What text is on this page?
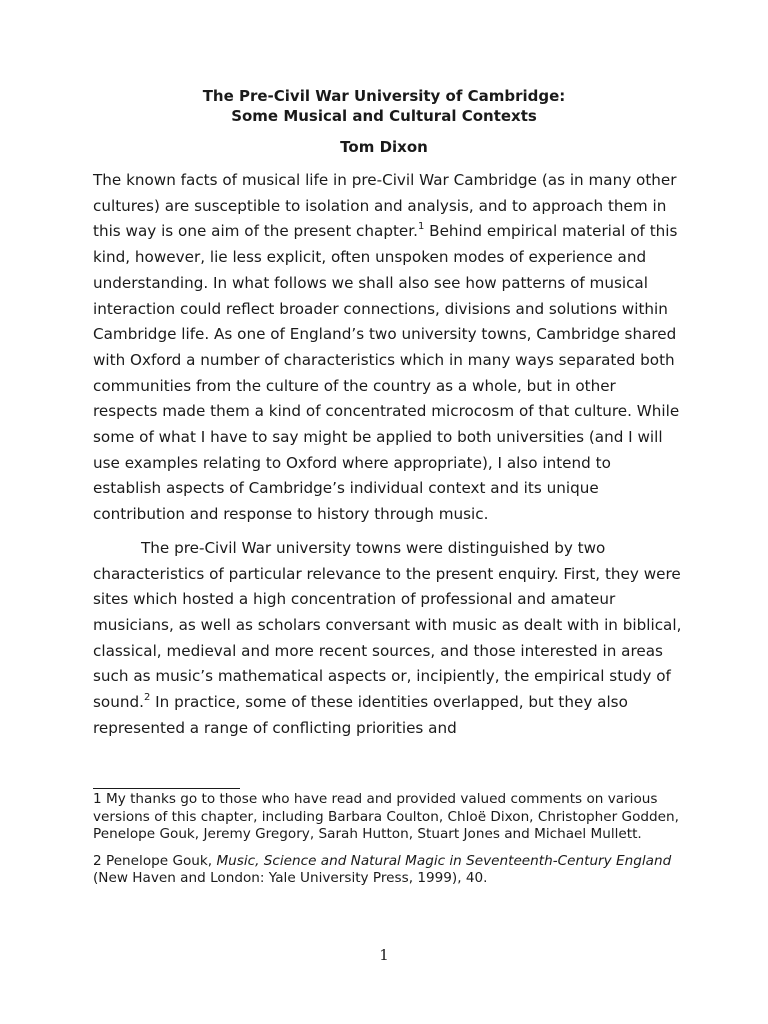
The Pre-Civil War University of Cambridge:
Some Musical and Cultural Contexts
Tom Dixon

The known facts of musical life in pre-Civil War Cambridge (as in many other cultures) are susceptible to isolation and analysis, and to approach them in this way is one aim of the present chapter.$^1$ Behind empirical material of this kind, however, lie less explicit, often unspoken modes of experience and understanding. In what follows we shall also see how patterns of musical interaction could reflect broader connections, divisions and solutions within Cambridge life. As one of England’s two university towns, Cambridge shared with Oxford a number of characteristics which in many ways separated both communities from the culture of the country as a whole, but in other respects made them a kind of concentrated microcosm of that culture. While some of what I have to say might be applied to both universities (and I will use examples relating to Oxford where appropriate), I also intend to establish aspects of Cambridge’s individual context and its unique contribution and response to history through music.

The pre-Civil War university towns were distinguished by two characteristics of particular relevance to the present enquiry. First, they were sites which hosted a high concentration of professional and amateur musicians, as well as scholars conversant with music as dealt with in biblical, classical, medieval and more recent sources, and those interested in areas such as music’s mathematical aspects or, incipiently, the empirical study of sound.$^2$ In practice, some of these identities overlapped, but they also represented a range of conflicting priorities and

1 My thanks go to those who have read and provided valued comments on various versions of this chapter, including Barbara Coulton, Chloë Dixon, Christopher Godden, Penelope Gouk, Jeremy Gregory, Sarah Hutton, Stuart Jones and Michael Mullett.

2 Penelope Gouk, Music, Science and Natural Magic in Seventeenth-Century England (New Haven and London: Yale University Press, 1999), 40.

1
